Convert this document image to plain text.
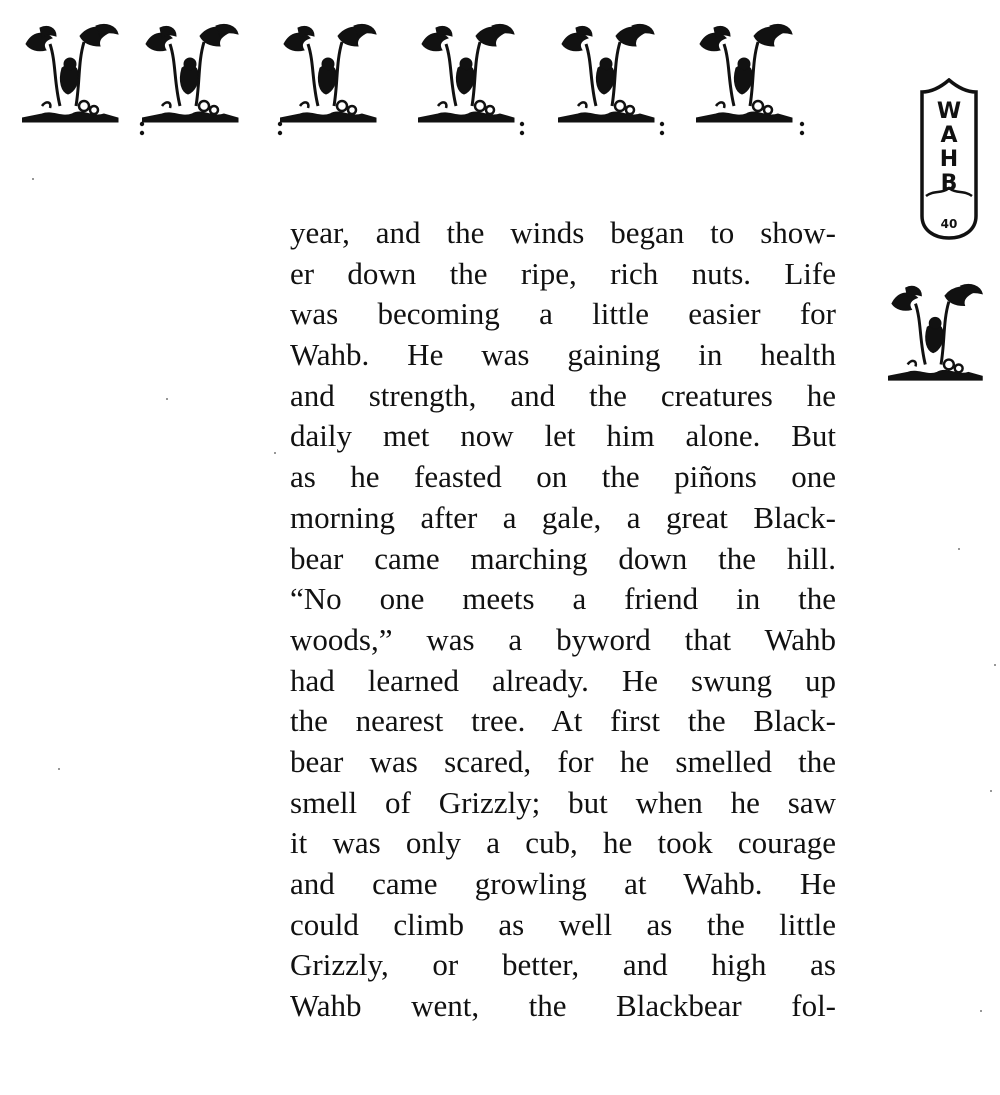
W
A
H
B
40
year, and the winds began to show-
er down the ripe, rich nuts. Life
was becoming a little easier for
Wahb. He was gaining in health
and strength, and the creatures he
daily met now let him alone. But
as he feasted on the piñons one
morning after a gale, a great Black-
bear came marching down the hill.
“No one meets a friend in the
woods,” was a byword that Wahb
had learned already. He swung up
the nearest tree. At first the Black-
bear was scared, for he smelled the
smell of Grizzly; but when he saw
it was only a cub, he took courage
and came growling at Wahb. He
could climb as well as the little
Grizzly, or better, and high as
Wahb went, the Blackbear fol-
